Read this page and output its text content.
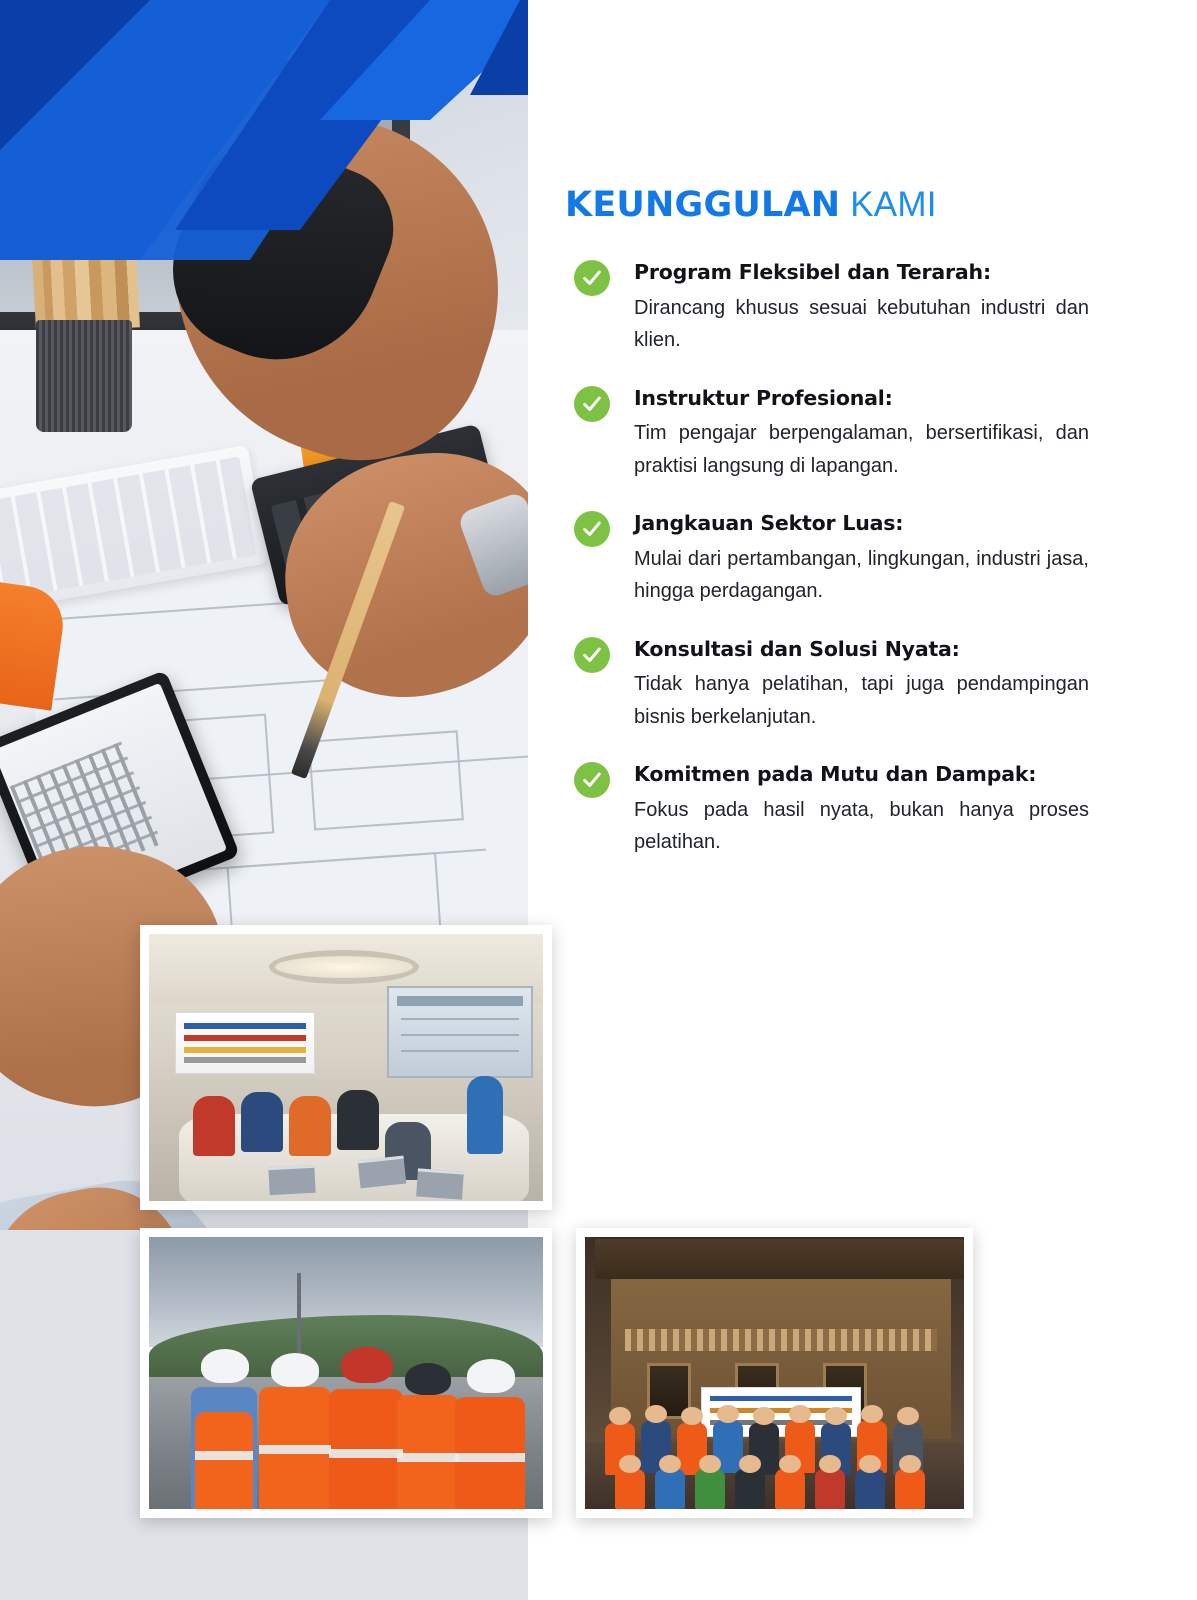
KEUNGGULAN KAMI

Program Fleksibel dan Terarah:

Dirancang khusus sesuai kebutuhan industri dan klien.

Instruktur Profesional:

Tim pengajar berpengalaman, bersertifikasi, dan praktisi langsung di lapangan.

Jangkauan Sektor Luas:

Mulai dari pertambangan, lingkungan, industri jasa, hingga perdagangan.

Konsultasi dan Solusi Nyata:

Tidak hanya pelatihan, tapi juga pendampingan bisnis berkelanjutan.

Komitmen pada Mutu dan Dampak:

Fokus pada hasil nyata, bukan hanya proses pelatihan.
